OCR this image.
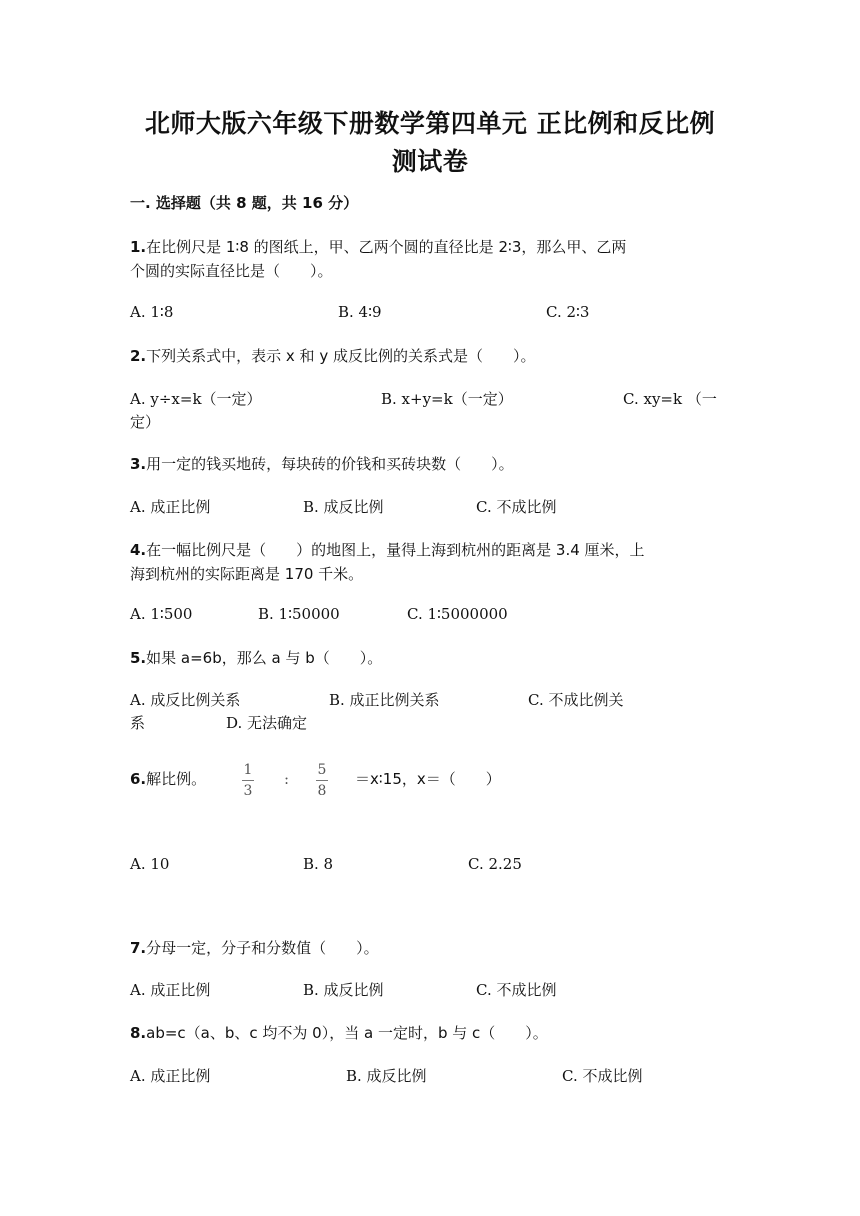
北师大版六年级下册数学第四单元 正比例和反比例
测试卷
一. 选择题（共 8 题，共 16 分）
1.在比例尺是 1∶8 的图纸上，甲、乙两个圆的直径比是 2∶3，那么甲、乙两
个圆的实际直径比是（　　）。
A. 1∶8	B. 4∶9	C. 2∶3
2.下列关系式中，表示 x 和 y 成反比例的关系式是（　　）。
A. y÷x=k（一定）	B. x+y=k（一定）	C. xy=k （一
定）
3.用一定的钱买地砖，每块砖的价钱和买砖块数（　　）。
A. 成正比例	B. 成反比例	C. 不成比例
4.在一幅比例尺是（　　）的地图上，量得上海到杭州的距离是 3.4 厘米，上
海到杭州的实际距离是 170 千米。
A. 1∶500	B. 1∶50000	C. 1∶5000000
5.如果 a=6b，那么 a 与 b（　　）。
A. 成反比例关系	B. 成正比例关系	C. 不成比例关
系	D. 无法确定
6.解比例。	1
3
: 5
8
＝x∶15，x＝（　　）
A. 10	B. 8	C. 2.25
7.分母一定，分子和分数值（　　）。
A. 成正比例	B. 成反比例	C. 不成比例
8.ab=c（a、b、c 均不为 0），当 a 一定时，b 与 c（　　）。
A. 成正比例	B. 成反比例	C. 不成比例
